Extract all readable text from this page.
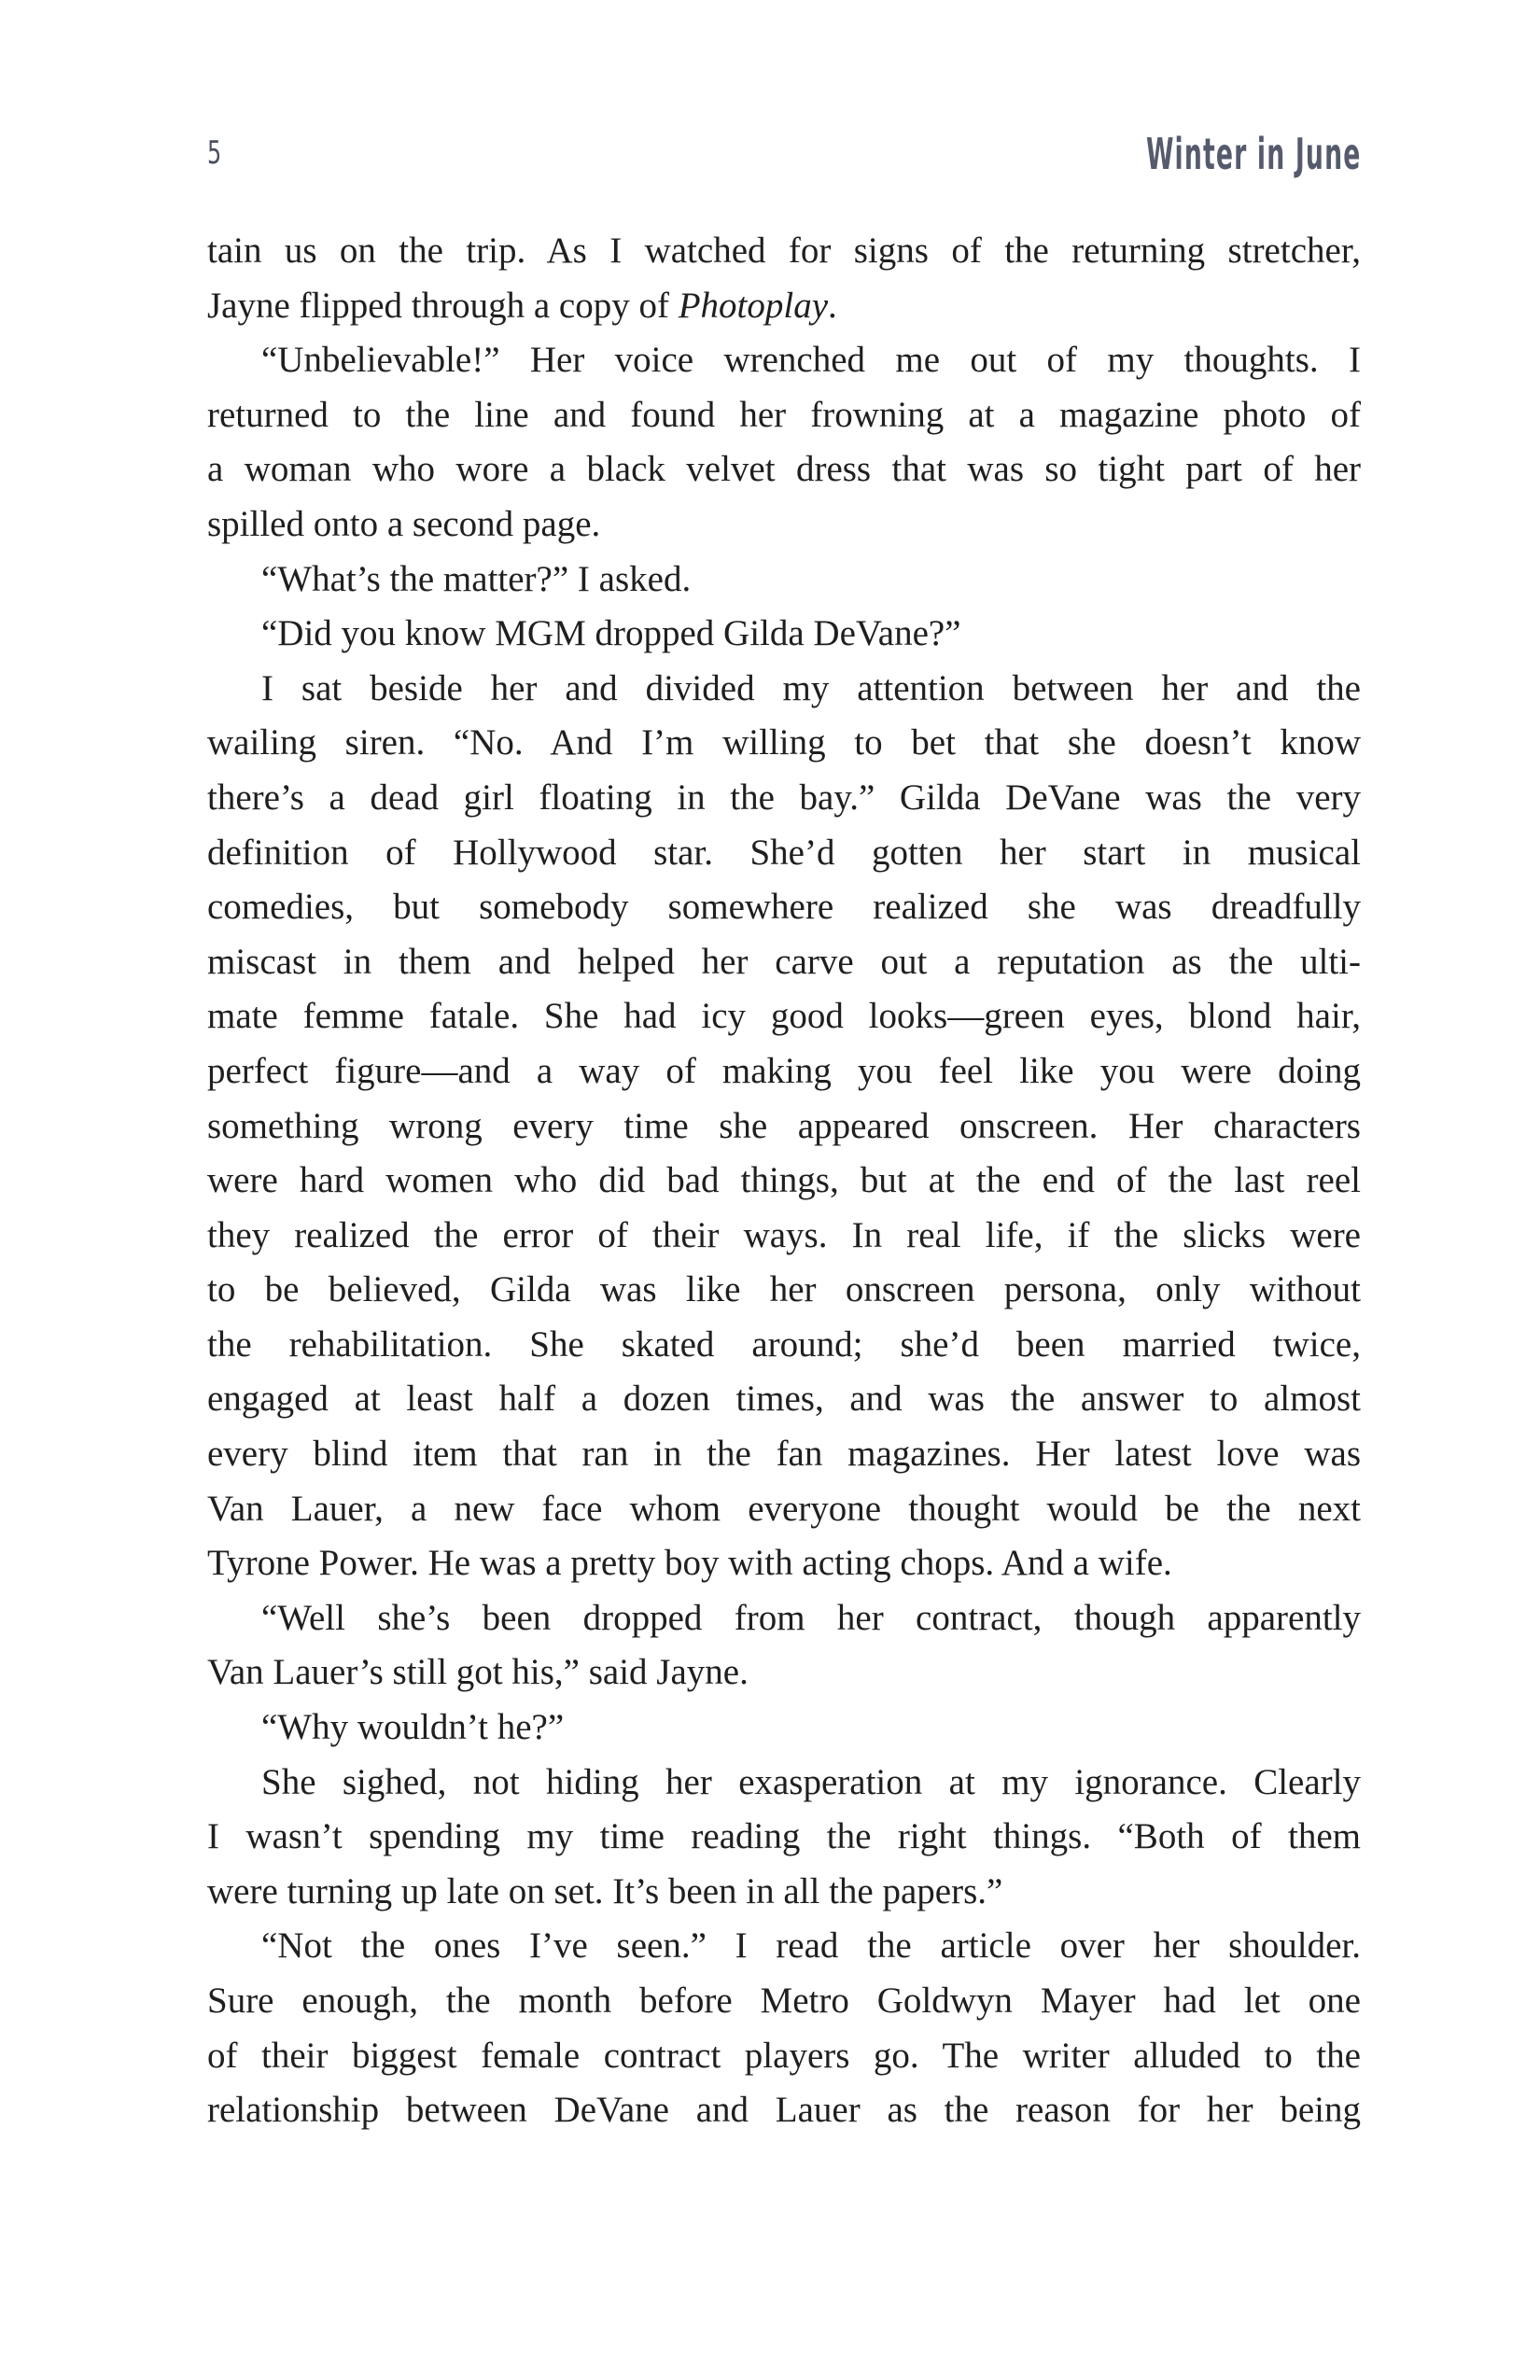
5	Winter in June
tain us on the trip. As I watched for signs of the returning stretcher,
Jayne flipped through a copy of Photoplay.
“Unbelievable!” Her voice wrenched me out of my thoughts. I
returned to the line and found her frowning at a magazine photo of
a woman who wore a black velvet dress that was so tight part of her
spilled onto a second page.
“What’s the matter?” I asked.
“Did you know MGM dropped Gilda DeVane?”
I sat beside her and divided my attention between her and the
wailing siren. “No. And I’m willing to bet that she doesn’t know
there’s a dead girl floating in the bay.” Gilda DeVane was the very
definition of Hollywood star. She’d gotten her start in musical
comedies, but somebody somewhere realized she was dreadfully
miscast in them and helped her carve out a reputation as the ulti-
mate femme fatale. She had icy good looks—green eyes, blond hair,
perfect figure—and a way of making you feel like you were doing
something wrong every time she appeared onscreen. Her characters
were hard women who did bad things, but at the end of the last reel
they realized the error of their ways. In real life, if the slicks were
to be believed, Gilda was like her onscreen persona, only without
the rehabilitation. She skated around; she’d been married twice,
engaged at least half a dozen times, and was the answer to almost
every blind item that ran in the fan magazines. Her latest love was
Van Lauer, a new face whom everyone thought would be the next
Tyrone Power. He was a pretty boy with acting chops. And a wife.
“Well she’s been dropped from her contract, though apparently
Van Lauer’s still got his,” said Jayne.
“Why wouldn’t he?”
She sighed, not hiding her exasperation at my ignorance. Clearly
I wasn’t spending my time reading the right things. “Both of them
were turning up late on set. It’s been in all the papers.”
“Not the ones I’ve seen.” I read the article over her shoulder.
Sure enough, the month before Metro Goldwyn Mayer had let one
of their biggest female contract players go. The writer alluded to the
relationship between DeVane and Lauer as the reason for her being
